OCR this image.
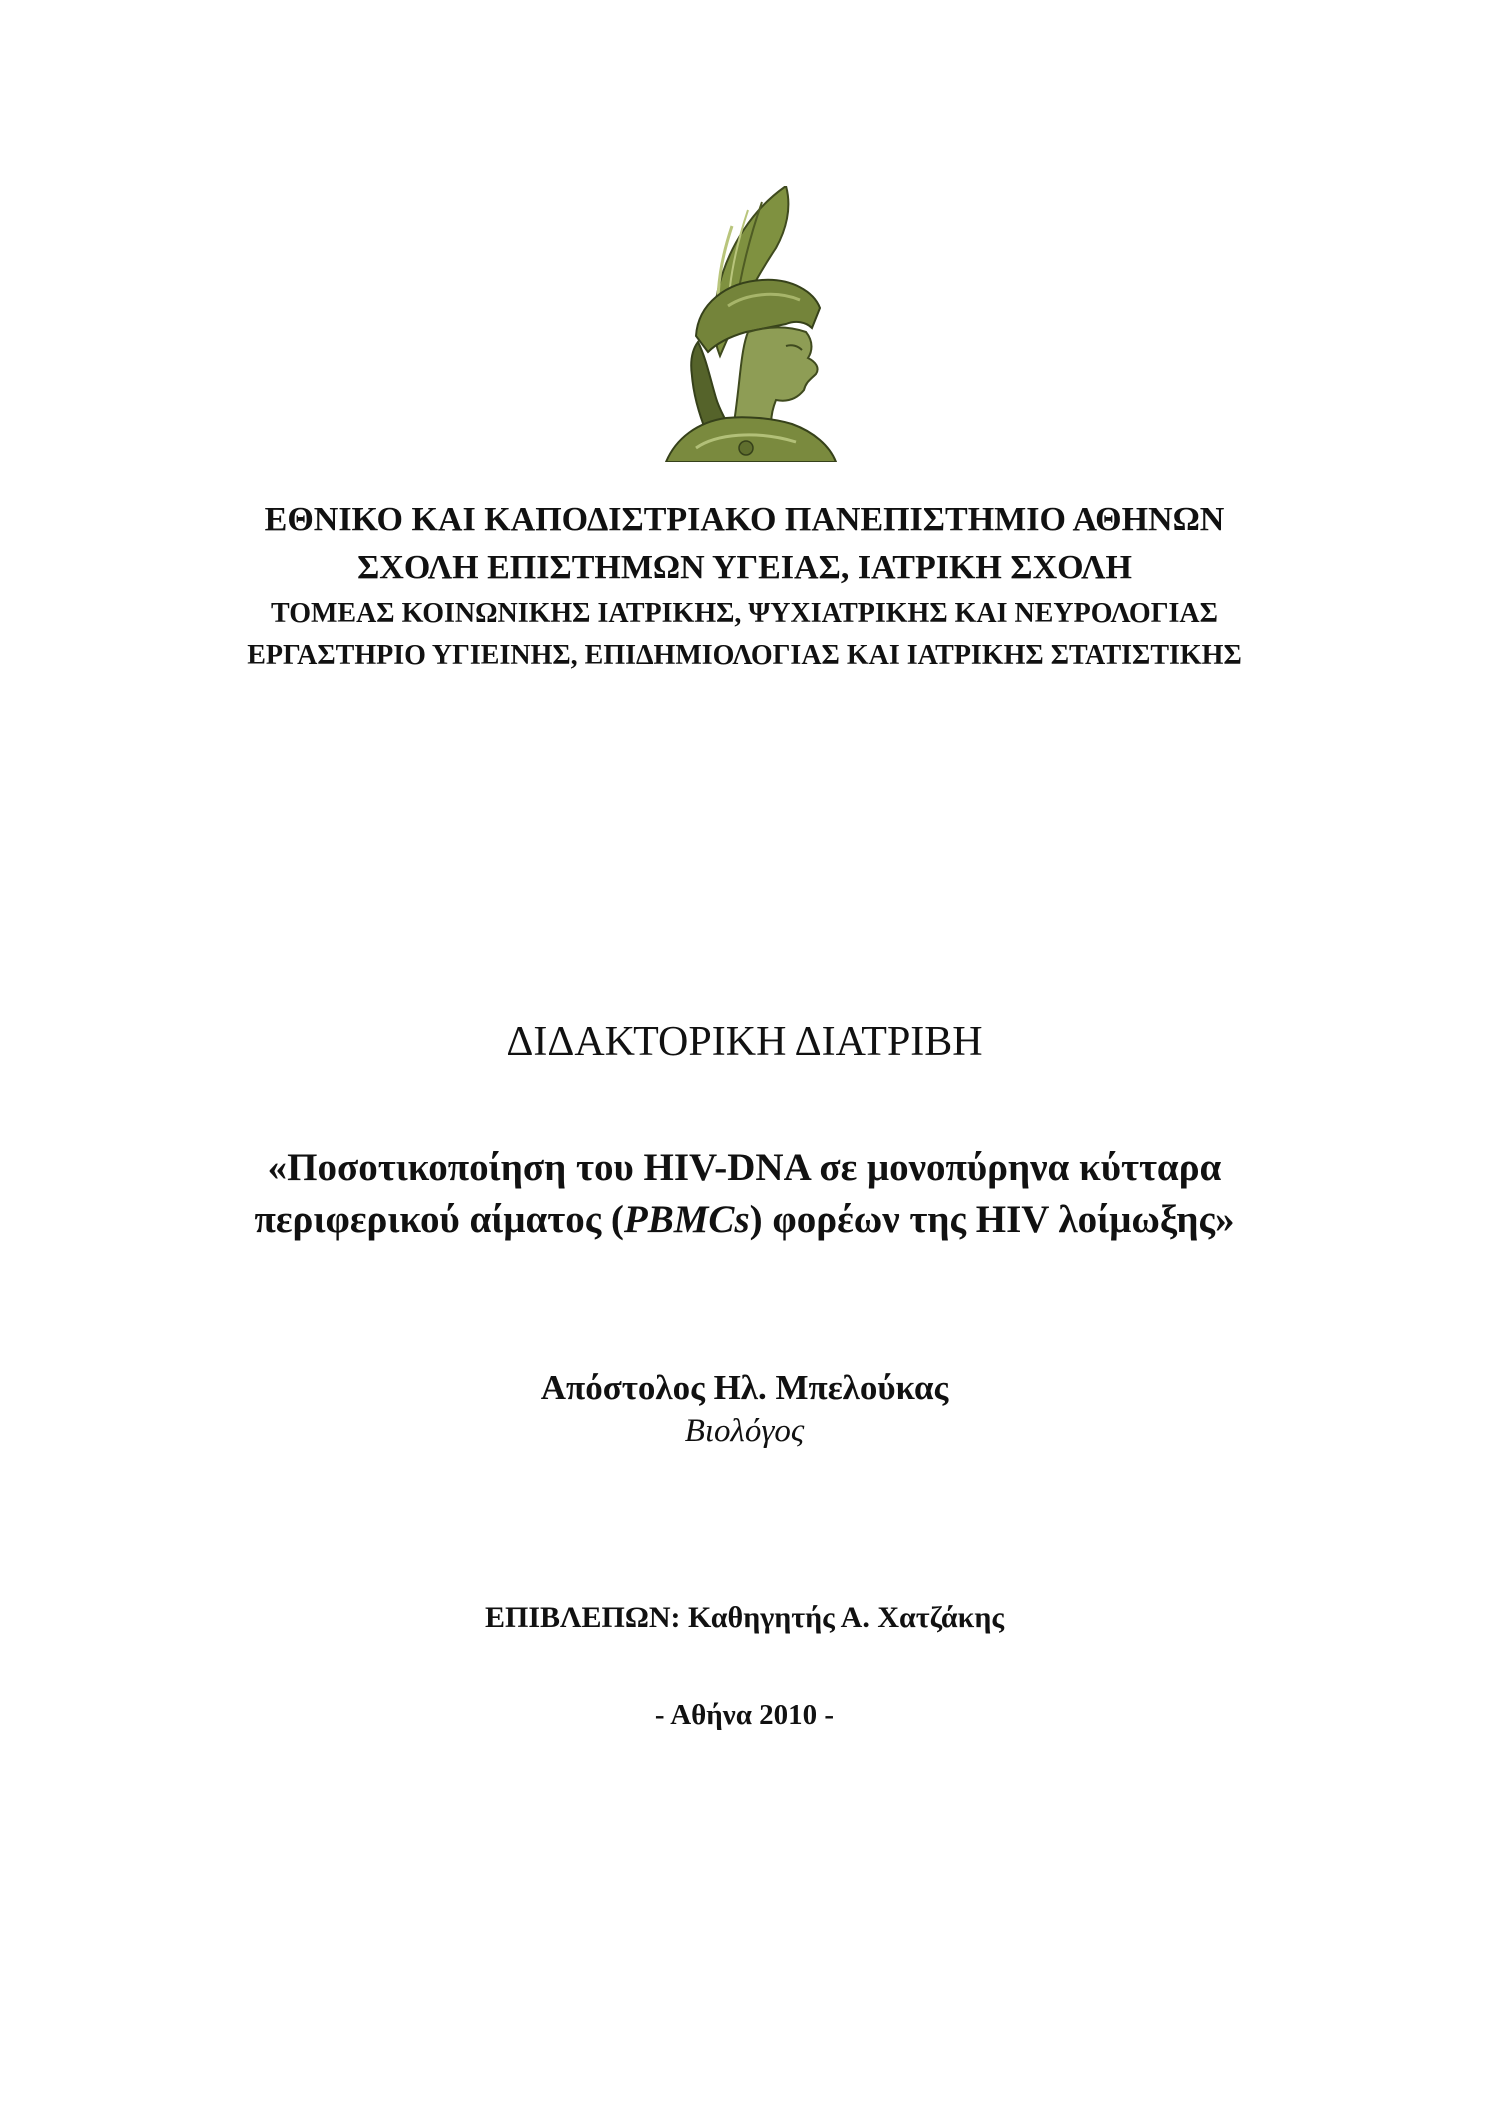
ΕΘΝΙΚΟ ΚΑΙ ΚΑΠΟΔΙΣΤΡΙΑΚΟ ΠΑΝΕΠΙΣΤΗΜΙΟ ΑΘΗΝΩΝ
ΣΧΟΛΗ ΕΠΙΣΤΗΜΩΝ ΥΓΕΙΑΣ, ΙΑΤΡΙΚΗ ΣΧΟΛΗ
ΤΟΜΕΑΣ ΚΟΙΝΩΝΙΚΗΣ ΙΑΤΡΙΚΗΣ, ΨΥΧΙΑΤΡΙΚΗΣ ΚΑΙ ΝΕΥΡΟΛΟΓΙΑΣ
ΕΡΓΑΣΤΗΡΙΟ ΥΓΙΕΙΝΗΣ, ΕΠΙΔΗΜΙΟΛΟΓΙΑΣ ΚΑΙ ΙΑΤΡΙΚΗΣ ΣΤΑΤΙΣΤΙΚΗΣ
ΔΙΔΑΚΤΟΡΙΚΗ ΔΙΑΤΡΙΒΗ
«Ποσοτικοποίηση του HIV-DNA σε μονοπύρηνα κύτταρα
περιφερικού αίματος (PBMCs) φορέων της HIV λοίμωξης»
Απόστολος Ηλ. Μπελούκας
Βιολόγος
ΕΠΙΒΛΕΠΩΝ: Καθηγητής Α. Χατζάκης
- Αθήνα 2010 -
